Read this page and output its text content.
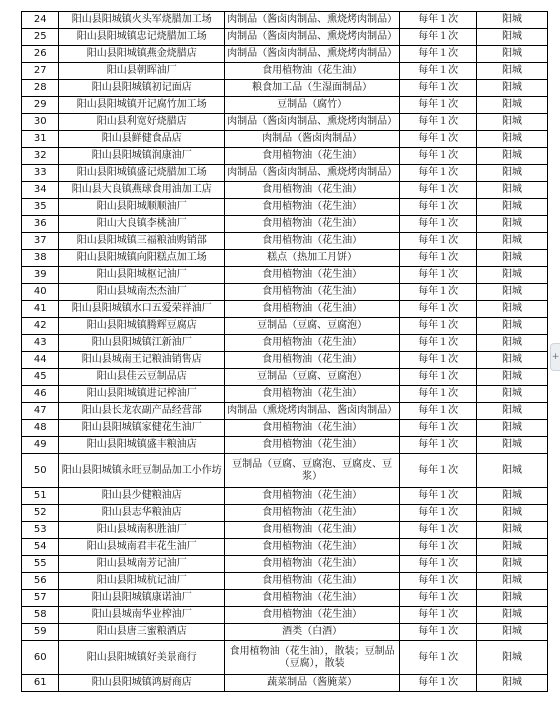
24	阳山县阳城镇火头军烧腊加工场	肉制品（酱卤肉制品、熏烧烤肉制品）	每年１次	阳城
25	阳山县阳城镇忠记烧腊加工场	肉制品（酱卤肉制品、熏烧烤肉制品）	每年１次	阳城
26	阳山县阳城镇燕金烧腊店	肉制品（酱卤肉制品、熏烧烤肉制品）	每年１次	阳城
27	阳山县朝晖油厂	食用植物油（花生油）	每年１次	阳城
28	阳山县阳城镇初记面店	粮食加工品（生湿面制品）	每年１次	阳城
29	阳山县阳城镇开记腐竹加工场	豆制品（腐竹）	每年１次	阳城
30	阳山县利宽好烧腊店	肉制品（酱卤肉制品、熏烧烤肉制品）	每年１次	阳城
31	阳山县鲜健食品店	肉制品（酱卤肉制品）	每年１次	阳城
32	阳山县阳城镇润康油厂	食用植物油（花生油）	每年１次	阳城
33	阳山县阳城镇盛记烧腊加工场	肉制品（酱卤肉制品、熏烧烤肉制品）	每年１次	阳城
34	阳山县大良镇燕球食用油加工店	食用植物油（花生油）	每年１次	阳城
35	阳山县阳城顺顺油厂	食用植物油（花生油）	每年１次	阳城
36	阳山大良镇李桃油厂	食用植物油（花生油）	每年１次	阳城
37	阳山县阳城镇三福粮油购销部	食用植物油（花生油）	每年１次	阳城
38	阳山县阳城镇向阳糕点加工场	糕点（热加工月饼）	每年１次	阳城
39	阳山县阳城枢记油厂	食用植物油（花生油）	每年１次	阳城
40	阳山县城南杰杰油厂	食用植物油（花生油）	每年１次	阳城
41	阳山县阳城镇水口五爱荣祥油厂	食用植物油（花生油）	每年１次	阳城
42	阳山县阳城镇腾辉豆腐店	豆制品（豆腐、豆腐泡）	每年１次	阳城
43	阳山县阳城镇江新油厂	食用植物油（花生油）	每年１次	阳城
44	阳山县城南王记粮油销售店	食用植物油（花生油）	每年１次	阳城
45	阳山县佳云豆制品店	豆制品（豆腐、豆腐泡）	每年１次	阳城
46	阳山县阳城镇进记榨油厂	食用植物油（花生油）	每年１次	阳城
47	阳山县长龙农副产品经营部	肉制品（熏烧烤肉制品、酱卤肉制品）	每年１次	阳城
48	阳山县阳城镇家健花生油厂	食用植物油（花生油）	每年１次	阳城
49	阳山县阳城镇盛丰粮油店	食用植物油（花生油）	每年１次	阳城
50	阳山县阳城镇永旺豆制品加工小作坊	豆制品（豆腐、豆腐泡、豆腐皮、豆浆）	每年１次	阳城
51	阳山县少健粮油店	食用植物油（花生油）	每年１次	阳城
52	阳山县志华粮油店	食用植物油（花生油）	每年１次	阳城
53	阳山县城南积胜油厂	食用植物油（花生油）	每年１次	阳城
54	阳山县城南君丰花生油厂	食用植物油（花生油）	每年１次	阳城
55	阳山县城南芳记油厂	食用植物油（花生油）	每年１次	阳城
56	阳山县阳城杭记油厂	食用植物油（花生油）	每年１次	阳城
57	阳山县阳城镇康诺油厂	食用植物油（花生油）	每年１次	阳城
58	阳山县城南华业榨油厂	食用植物油（花生油）	每年１次	阳城
59	阳山县唐三蜜粮酒店	酒类（白酒）	每年１次	阳城
60	阳山县阳城镇好美景商行	食用植物油（花生油），散装；豆制品（豆腐），散装	每年１次	阳城
61	阳山县阳城镇鸿厨商店	蔬菜制品（酱腌菜）	每年１次	阳城
+
